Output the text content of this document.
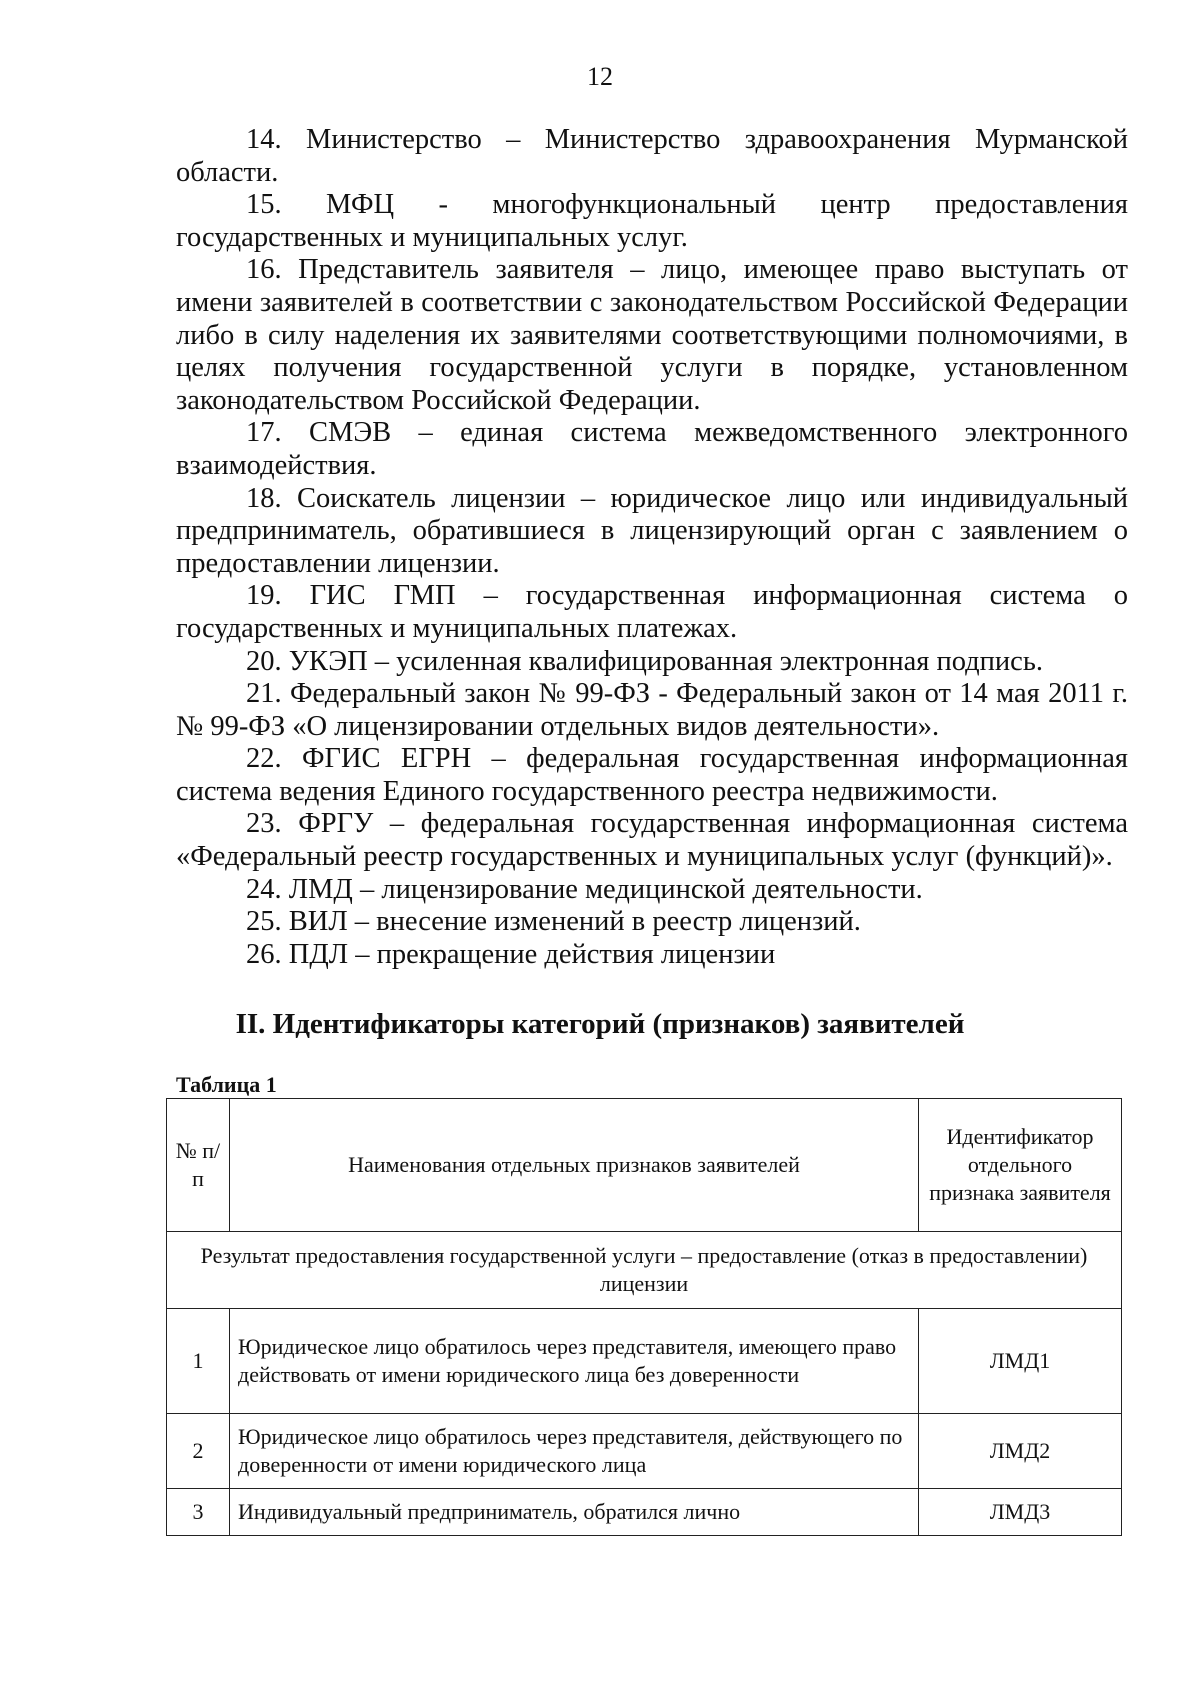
12

14. Министерство – Министерство здравоохранения Мурманской области.

15. МФЦ - многофункциональный центр предоставления государственных и муниципальных услуг.

16. Представитель заявителя – лицо, имеющее право выступать от имени заявителей в соответствии с законодательством Российской Федерации либо в силу наделения их заявителями соответствующими полномочиями, в целях получения государственной услуги в порядке, установленном законодательством Российской Федерации.

17. СМЭВ – единая система межведомственного электронного взаимодействия.

18. Соискатель лицензии – юридическое лицо или индивидуальный предприниматель, обратившиеся в лицензирующий орган с заявлением о предоставлении лицензии.

19. ГИС ГМП – государственная информационная система о государственных и муниципальных платежах.

20. УКЭП – усиленная квалифицированная электронная подпись.

21. Федеральный закон № 99-ФЗ - Федеральный закон от 14 мая 2011 г. № 99-ФЗ «О лицензировании отдельных видов деятельности».

22. ФГИС ЕГРН – федеральная государственная информационная система ведения Единого государственного реестра недвижимости.

23. ФРГУ – федеральная государственная информационная система «Федеральный реестр государственных и муниципальных услуг (функций)».

24. ЛМД – лицензирование медицинской деятельности.

25. ВИЛ – внесение изменений в реестр лицензий.

26. ПДЛ – прекращение действия лицензии

II. Идентификаторы категорий (признаков) заявителей
Таблица 1
№ п/п	Наименования отдельных признаков заявителей	Идентификатор отдельного признака заявителя
Результат предоставления государственной услуги – предоставление (отказ в предоставлении) лицензии		
1	Юридическое лицо обратилось через представителя, имеющего право действовать от имени юридического лица без доверенности	ЛМД1
2	Юридическое лицо обратилось через представителя, действующего по доверенности от имени юридического лица	ЛМД2
3	Индивидуальный предприниматель, обратился лично	ЛМД3
